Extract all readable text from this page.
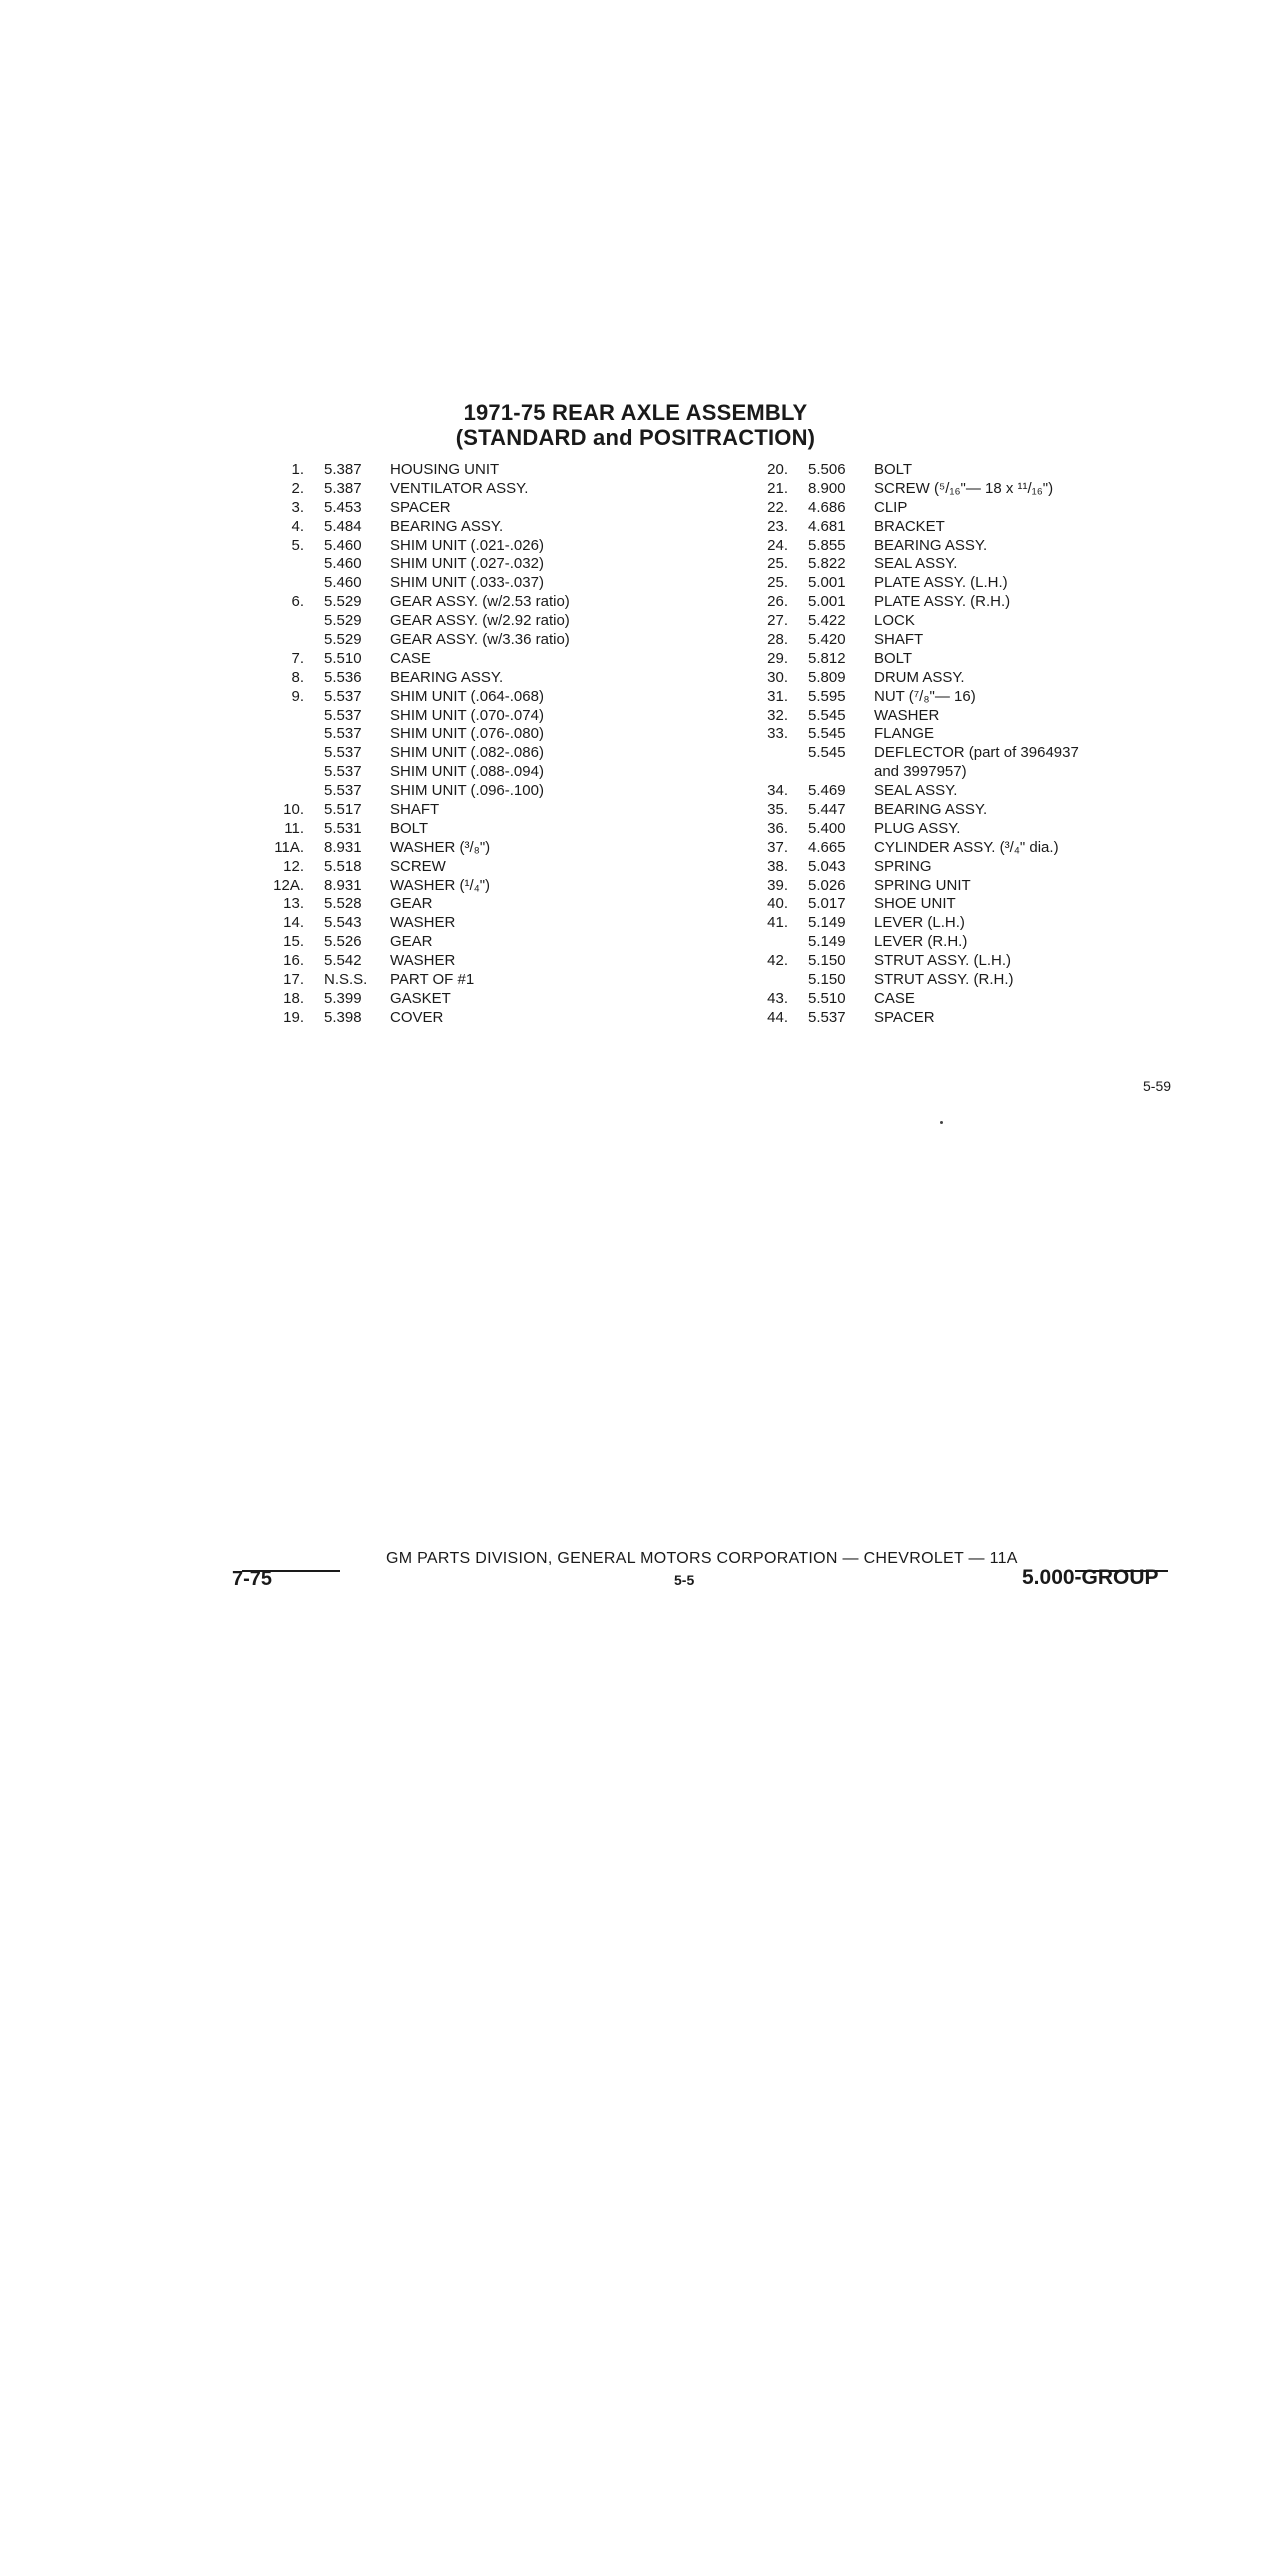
1971-75 REAR AXLE ASSEMBLY
(STANDARD and POSITRACTION)
1. 5.387 HOUSING UNIT
2. 5.387 VENTILATOR ASSY.
3. 5.453 SPACER
4. 5.484 BEARING ASSY.
5. 5.460 SHIM UNIT (.021-.026)
5.460 SHIM UNIT (.027-.032)
5.460 SHIM UNIT (.033-.037)
6. 5.529 GEAR ASSY. (w/2.53 ratio)
5.529 GEAR ASSY. (w/2.92 ratio)
5.529 GEAR ASSY. (w/3.36 ratio)
7. 5.510 CASE
8. 5.536 BEARING ASSY.
9. 5.537 SHIM UNIT (.064-.068)
5.537 SHIM UNIT (.070-.074)
5.537 SHIM UNIT (.076-.080)
5.537 SHIM UNIT (.082-.086)
5.537 SHIM UNIT (.088-.094)
5.537 SHIM UNIT (.096-.100)
10. 5.517 SHAFT
11. 5.531 BOLT
11A. 8.931 WASHER (³/₈")
12. 5.518 SCREW
12A. 8.931 WASHER (¹/₄")
13. 5.528 GEAR
14. 5.543 WASHER
15. 5.526 GEAR
16. 5.542 WASHER
17. N.S.S. PART OF #1
18. 5.399 GASKET
19. 5.398 COVER
20. 5.506 BOLT
21. 8.900 SCREW (⁵/₁₆"— 18 x ¹¹/₁₆")
22. 4.686 CLIP
23. 4.681 BRACKET
24. 5.855 BEARING ASSY.
25. 5.822 SEAL ASSY.
25. 5.001 PLATE ASSY. (L.H.)
26. 5.001 PLATE ASSY. (R.H.)
27. 5.422 LOCK
28. 5.420 SHAFT
29. 5.812 BOLT
30. 5.809 DRUM ASSY.
31. 5.595 NUT (⁷/₈"— 16)
32. 5.545 WASHER
33. 5.545 FLANGE
5.545 DEFLECTOR (part of 3964937
and 3997957)
34. 5.469 SEAL ASSY.
35. 5.447 BEARING ASSY.
36. 5.400 PLUG ASSY.
37. 4.665 CYLINDER ASSY. (³/₄" dia.)
38. 5.043 SPRING
39. 5.026 SPRING UNIT
40. 5.017 SHOE UNIT
41. 5.149 LEVER (L.H.)
5.149 LEVER (R.H.)
42. 5.150 STRUT ASSY. (L.H.)
5.150 STRUT ASSY. (R.H.)
43. 5.510 CASE
44. 5.537 SPACER
5-59
GM PARTS DIVISION, GENERAL MOTORS CORPORATION — CHEVROLET — 11A
7-75	5-5	5.000-GROUP
